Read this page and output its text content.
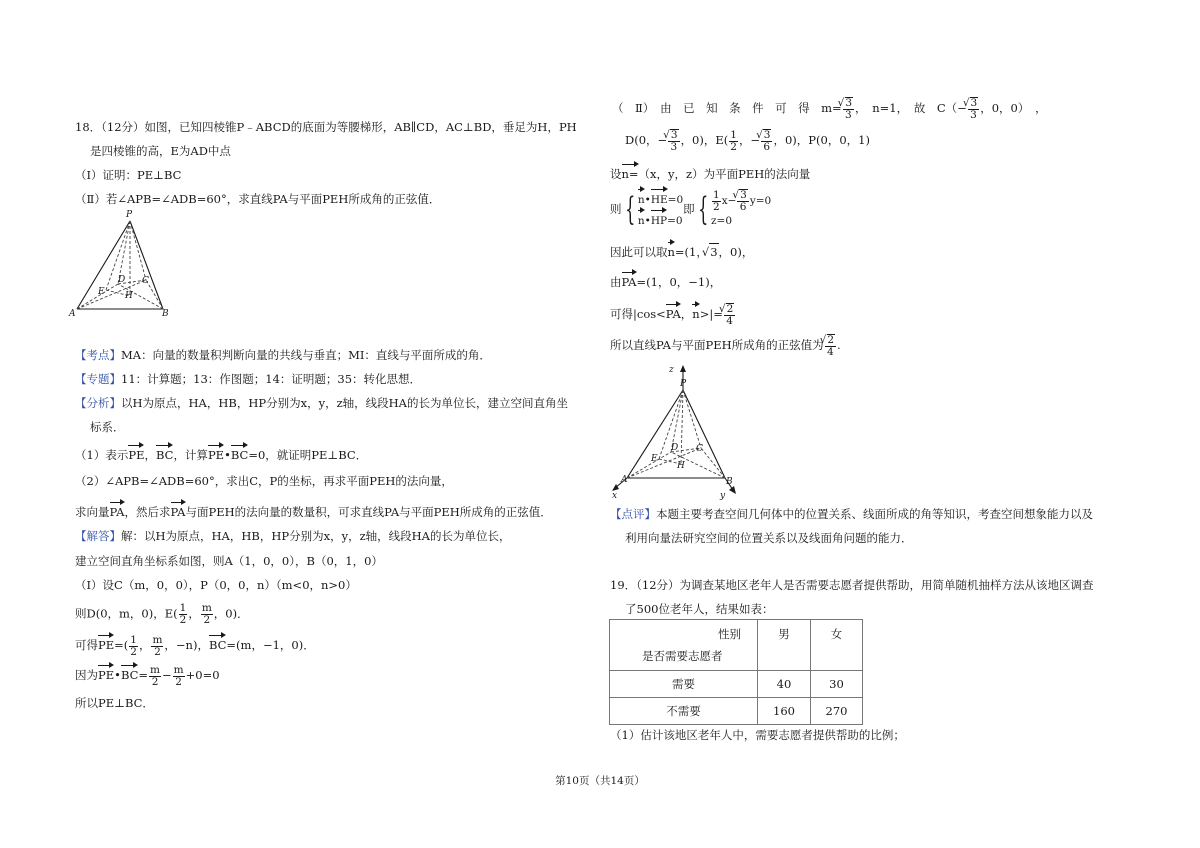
18．（12分）如图，已知四棱锥P﹣ABCD的底面为等腰梯形，AB∥CD，AC⊥BD，垂足为H，PH
是四棱锥的高，E为AD中点
（Ⅰ）证明：PE⊥BC
（Ⅱ）若∠APB=∠ADB=60°，求直线PA与平面PEH所成角的正弦值．
P
E
D C
H
A	B
【考点】MA：向量的数量积判断向量的共线与垂直；MI：直线与平面所成的角．
【专题】11：计算题；13：作图题；14：证明题；35：转化思想．
【分析】以H为原点，HA，HB，HP分别为x，y，z轴，线段HA的长为单位长，建立空间直角坐
标系．
（1）表示PE，BC，计算PE•BC=0，就证明PE⊥BC．
（2）∠APB=∠ADB=60°，求出C，P的坐标，再求平面PEH的法向量，
求向量PA，然后求PA与面PEH的法向量的数量积，可求直线PA与平面PEH所成角的正弦值．
【解答】解：以H为原点，HA，HB，HP分别为x，y，z轴，线段HA的长为单位长，
建立空间直角坐标系如图，则A（1，0，0），B（0，1，0）
（Ⅰ）设C（m，0，0），P（0，0，n）（m<0，n>0）
则D(0，m，0)，$E( \frac{1}{2}$ ， $\frac{m}{2}$ ，0)．
可得$PE=( \frac{1}{2}$ ， $\frac{m}{2}$ ，−n)，BC=(m，−1，0)．
因为PE•BC= $\frac{m}{2} - \frac{m}{2} +0=0$
所以PE⊥BC．
（　Ⅱ）　由　已　知　条　件　可　得　m= √ $\frac{3}{3}$ ，　n=1，　故　C（− √ $\frac{3}{3}$ ，0，0）　，
D(0，− √ $\frac{3}{3}$ ，0)，$E( \frac{1}{2}$ ，− √ $\frac{3}{6}$ ，0)，P(0，0，1)
设n=（x，y，z）为平面PEH的法向量
则{ n•HE=0
n•HP=0
即{ $\frac{1}{2} x-$ √ $\frac{3}{6} y=0$
z=0
因此可以取n=(1， √ 3，0)，
由PA=(1，0，−1)，
可得|cos<PA，n>|= √ $\frac{2}{4}$
所以直线PA与平面PEH所成角的正弦值为 √ $\frac{2}{4}$ .
z
P
D C
E
H
A	B
x	y
【点评】本题主要考查空间几何体中的位置关系、线面所成的角等知识，考查空间想象能力以及
利用向量法研究空间的位置关系以及线面角问题的能力．
19．（12分）为调查某地区老年人是否需要志愿者提供帮助，用简单随机抽样方法从该地区调查
了500位老年人，结果如表：
性别
是否需要志愿者	男	女
需要	40	30
不需要	160	270
（1）估计该地区老年人中，需要志愿者提供帮助的比例；
第10页（共14页）
